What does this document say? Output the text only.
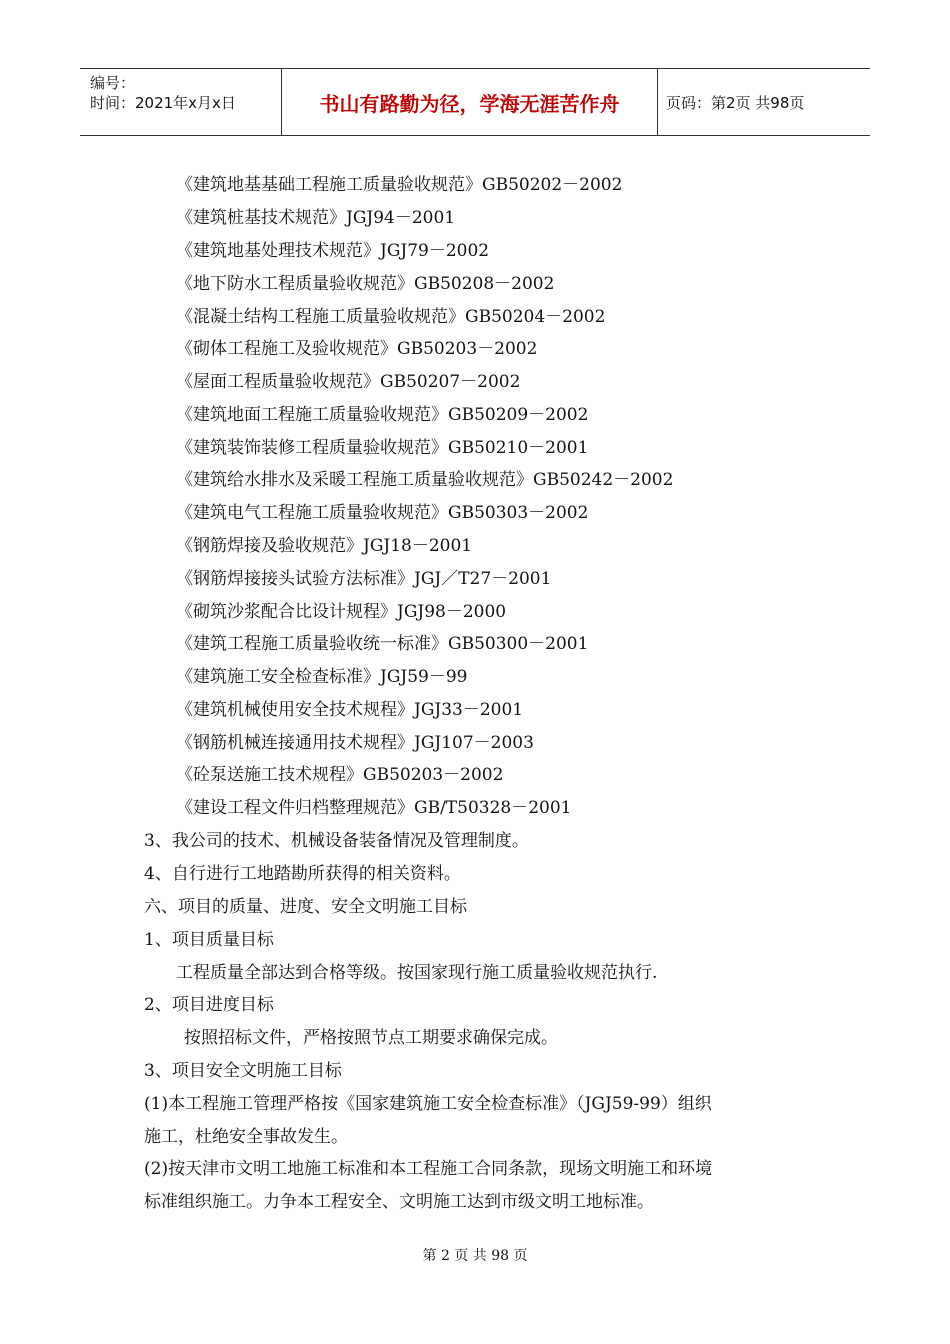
编号：
时间：2021年x月x日	书山有路勤为径，学海无涯苦作舟	页码：第2页 共98页
《建筑地基基础工程施工质量验收规范》GB50202－2002
《建筑桩基技术规范》JGJ94－2001
《建筑地基处理技术规范》JGJ79－2002
《地下防水工程质量验收规范》GB50208－2002
《混凝土结构工程施工质量验收规范》GB50204－2002
《砌体工程施工及验收规范》GB50203－2002
《屋面工程质量验收规范》GB50207－2002
《建筑地面工程施工质量验收规范》GB50209－2002
《建筑装饰装修工程质量验收规范》GB50210－2001
《建筑给水排水及采暖工程施工质量验收规范》GB50242－2002
《建筑电气工程施工质量验收规范》GB50303－2002
《钢筋焊接及验收规范》JGJ18－2001
《钢筋焊接接头试验方法标准》JGJ／T27－2001
《砌筑沙浆配合比设计规程》JGJ98－2000
《建筑工程施工质量验收统一标准》GB50300－2001
《建筑施工安全检查标准》JGJ59－99
《建筑机械使用安全技术规程》JGJ33－2001
《钢筋机械连接通用技术规程》JGJ107－2003
《砼泵送施工技术规程》GB50203－2002
《建设工程文件归档整理规范》GB/T50328－2001
3、我公司的技术、机械设备装备情况及管理制度。
4、自行进行工地踏勘所获得的相关资料。
六、项目的质量、进度、安全文明施工目标
1、项目质量目标
工程质量全部达到合格等级。按国家现行施工质量验收规范执行.
2、项目进度目标
按照招标文件，严格按照节点工期要求确保完成。
3、项目安全文明施工目标
(1)本工程施工管理严格按《国家建筑施工安全检查标准》（JGJ59-99）组织
施工，杜绝安全事故发生。
(2)按天津市文明工地施工标准和本工程施工合同条款，现场文明施工和环境
标准组织施工。力争本工程安全、文明施工达到市级文明工地标准。
第 2 页 共 98 页
